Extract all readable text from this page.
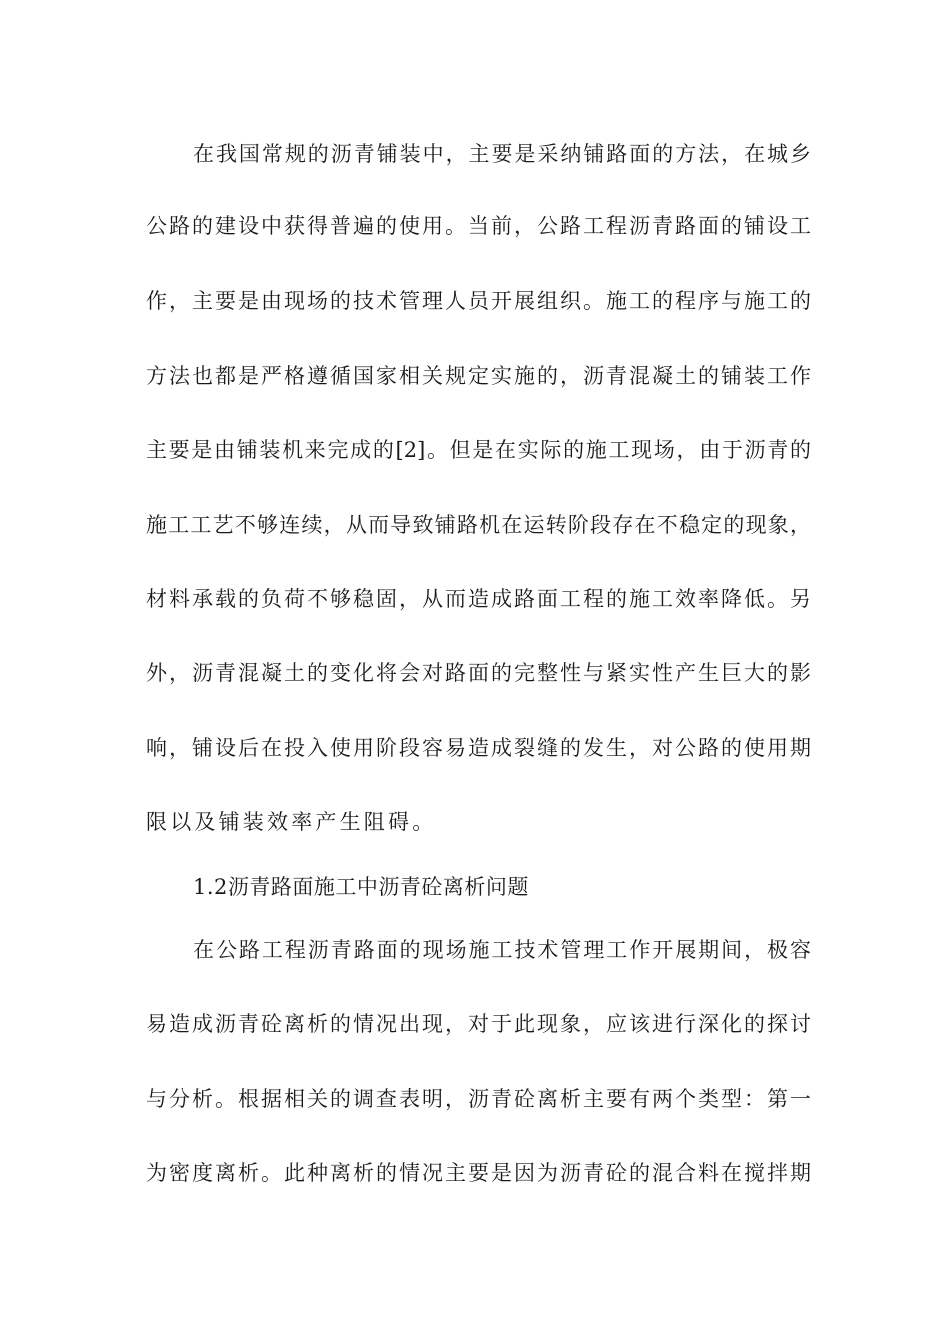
在我国常规的沥青铺装中，主要是采纳铺路面的方法，在城乡
公路的建设中获得普遍的使用。当前，公路工程沥青路面的铺设工
作，主要是由现场的技术管理人员开展组织。施工的程序与施工的
方法也都是严格遵循国家相关规定实施的，沥青混凝土的铺装工作
主要是由铺装机来完成的[2]。但是在实际的施工现场，由于沥青的
施工工艺不够连续，从而导致铺路机在运转阶段存在不稳定的现象，
材料承载的负荷不够稳固，从而造成路面工程的施工效率降低。另
外，沥青混凝土的变化将会对路面的完整性与紧实性产生巨大的影
响，铺设后在投入使用阶段容易造成裂缝的发生，对公路的使用期
限以及铺装效率产生阻碍。
1.2沥青路面施工中沥青砼离析问题
在公路工程沥青路面的现场施工技术管理工作开展期间，极容
易造成沥青砼离析的情况出现，对于此现象，应该进行深化的探讨
与分析。根据相关的调查表明，沥青砼离析主要有两个类型：第一
为密度离析。此种离析的情况主要是因为沥青砼的混合料在搅拌期
